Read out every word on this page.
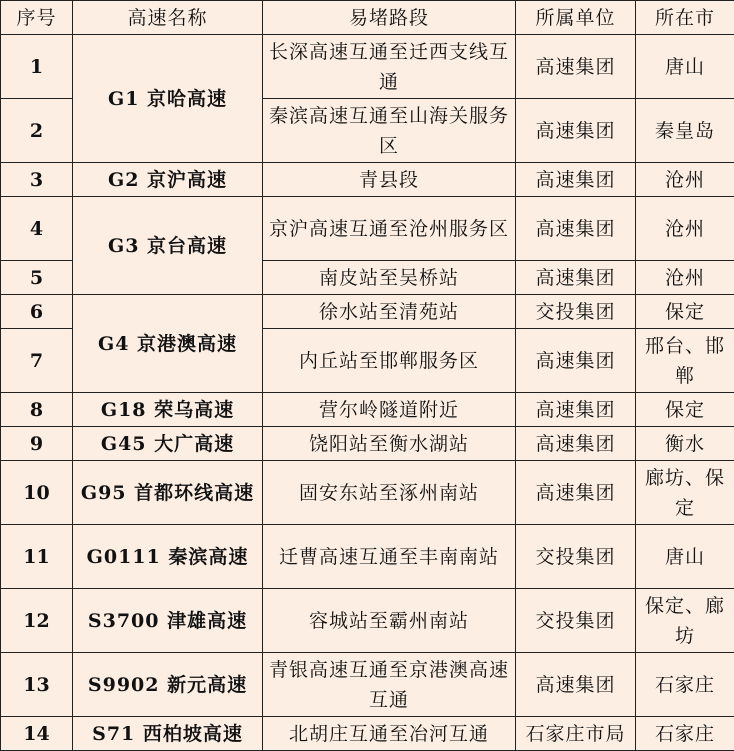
序号	高速名称	易堵路段	所属单位	所在市
1	G1 京哈高速	长深高速互通至迁西支线互通	高速集团	唐山
2		秦滨高速互通至山海关服务区	高速集团	秦皇岛
3	G2 京沪高速	青县段	高速集团	沧州
4	G3 京台高速	京沪高速互通至沧州服务区	高速集团	沧州
5		南皮站至吴桥站	高速集团	沧州
6	G4 京港澳高速	徐水站至清苑站	交投集团	保定
7		内丘站至邯郸服务区	高速集团	邢台、邯郸
8	G18 荣乌高速	营尔岭隧道附近	高速集团	保定
9	G45 大广高速	饶阳站至衡水湖站	高速集团	衡水
10	G95 首都环线高速	固安东站至涿州南站	高速集团	廊坊、保定
11	G0111 秦滨高速	迁曹高速互通至丰南南站	交投集团	唐山
12	S3700 津雄高速	容城站至霸州南站	交投集团	保定、廊坊
13	S9902 新元高速	青银高速互通至京港澳高速互通	高速集团	石家庄
14	S71 西柏坡高速	北胡庄互通至冶河互通	石家庄市局	石家庄
